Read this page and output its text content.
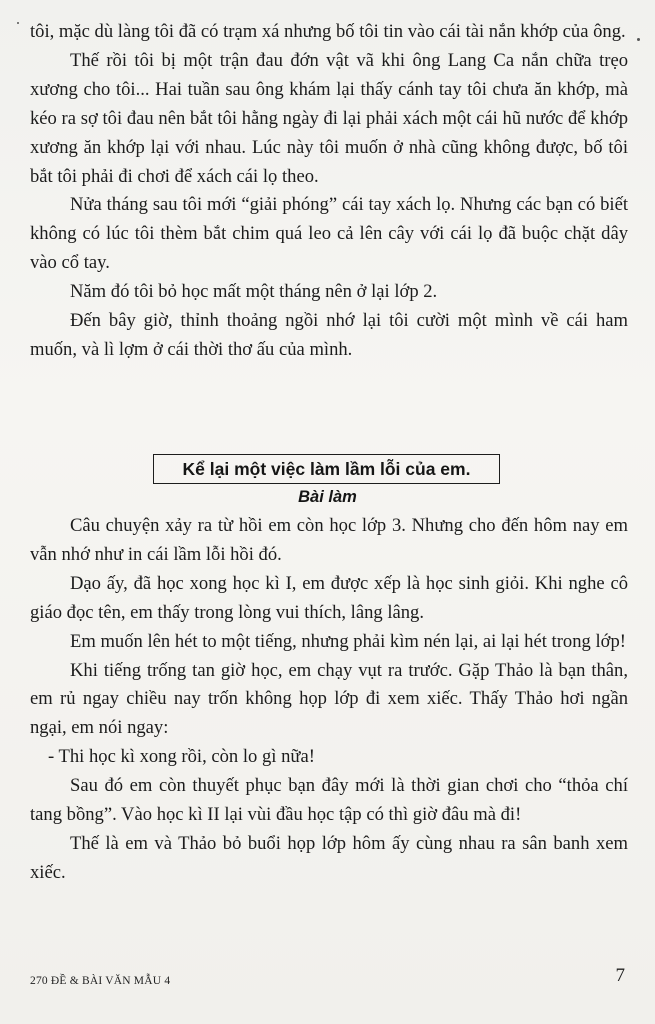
tôi, mặc dù làng tôi đã có trạm xá nhưng bố tôi tin vào cái tài nắn khớp của ông.

Thế rồi tôi bị một trận đau đớn vật vã khi ông Lang Ca nắn chữa trẹo xương cho tôi... Hai tuần sau ông khám lại thấy cánh tay tôi chưa ăn khớp, mà kéo ra sợ tôi đau nên bắt tôi hằng ngày đi lại phải xách một cái hũ nước để khớp xương ăn khớp lại với nhau. Lúc này tôi muốn ở nhà cũng không được, bố tôi bắt tôi phải đi chơi để xách cái lọ theo.

Nửa tháng sau tôi mới “giải phóng” cái tay xách lọ. Nhưng các bạn có biết không có lúc tôi thèm bắt chim quá leo cả lên cây với cái lọ đã buộc chặt dây vào cổ tay.

Năm đó tôi bỏ học mất một tháng nên ở lại lớp 2.

Đến bây giờ, thỉnh thoảng ngồi nhớ lại tôi cười một mình về cái ham muốn, và lì lợm ở cái thời thơ ấu của mình.

Kể lại một việc làm lầm lỗi của em.
Bài làm

Câu chuyện xảy ra từ hồi em còn học lớp 3. Nhưng cho đến hôm nay em vẫn nhớ như in cái lầm lỗi hồi đó.

Dạo ấy, đã học xong học kì I, em được xếp là học sinh giỏi. Khi nghe cô giáo đọc tên, em thấy trong lòng vui thích, lâng lâng.

Em muốn lên hét to một tiếng, nhưng phải kìm nén lại, ai lại hét trong lớp!

Khi tiếng trống tan giờ học, em chạy vụt ra trước. Gặp Thảo là bạn thân, em rủ ngay chiều nay trốn không họp lớp đi xem xiếc. Thấy Thảo hơi ngần ngại, em nói ngay:

- Thi học kì xong rồi, còn lo gì nữa!

Sau đó em còn thuyết phục bạn đây mới là thời gian chơi cho “thỏa chí tang bồng”. Vào học kì II lại vùi đầu học tập có thì giờ đâu mà đi!

Thế là em và Thảo bỏ buổi họp lớp hôm ấy cùng nhau ra sân banh xem xiếc.

270 ĐỀ & BÀI VĂN MẪU 4	7
